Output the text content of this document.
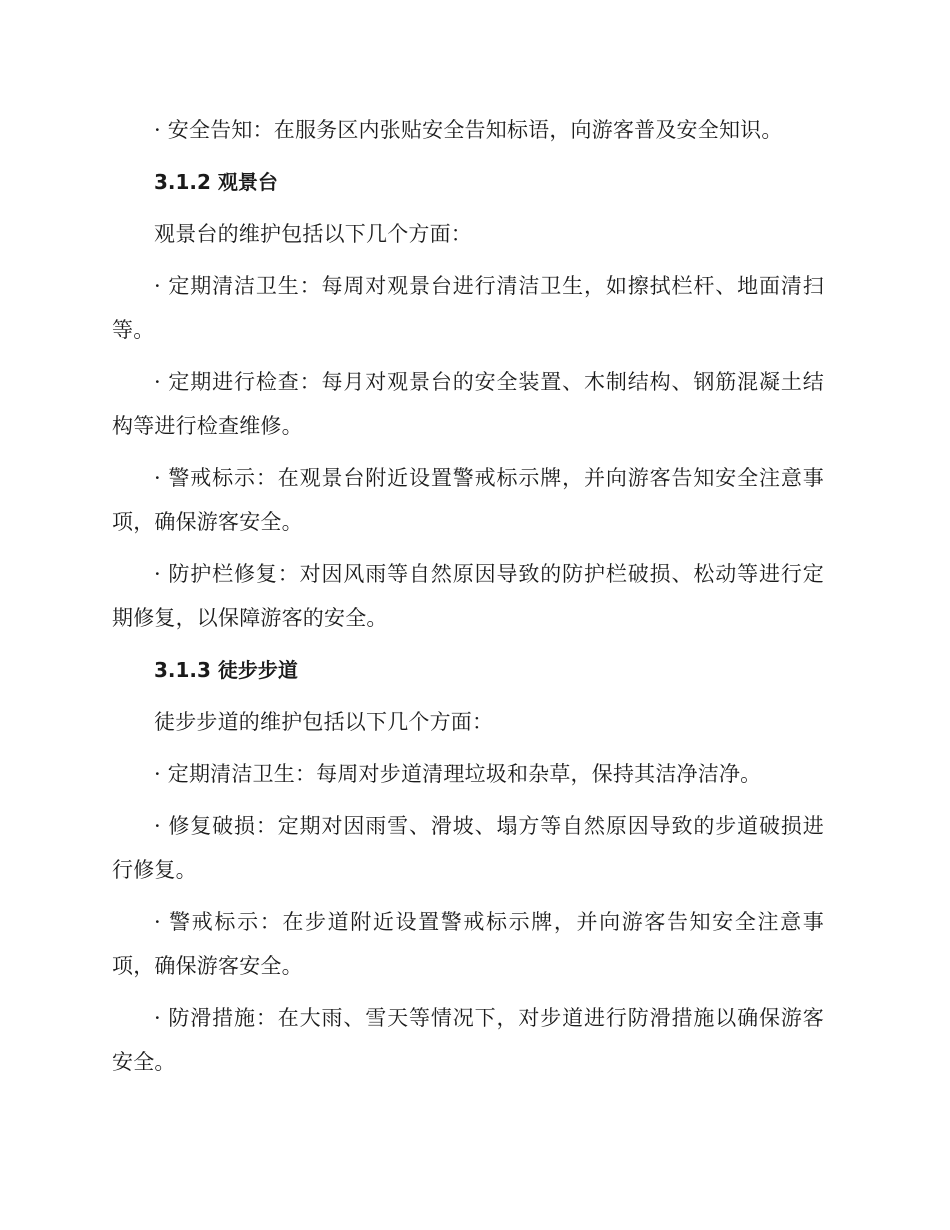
· 安全告知：在服务区内张贴安全告知标语，向游客普及安全知识。

3.1.2 观景台

观景台的维护包括以下几个方面：

· 定期清洁卫生：每周对观景台进行清洁卫生，如擦拭栏杆、地面清扫等。

· 定期进行检查：每月对观景台的安全装置、木制结构、钢筋混凝土结构等进行检查维修。

· 警戒标示：在观景台附近设置警戒标示牌，并向游客告知安全注意事项，确保游客安全。

· 防护栏修复：对因风雨等自然原因导致的防护栏破损、松动等进行定期修复，以保障游客的安全。

3.1.3 徒步步道

徒步步道的维护包括以下几个方面：

· 定期清洁卫生：每周对步道清理垃圾和杂草，保持其洁净洁净。

· 修复破损：定期对因雨雪、滑坡、塌方等自然原因导致的步道破损进行修复。

· 警戒标示：在步道附近设置警戒标示牌，并向游客告知安全注意事项，确保游客安全。

· 防滑措施：在大雨、雪天等情况下，对步道进行防滑措施以确保游客安全。
